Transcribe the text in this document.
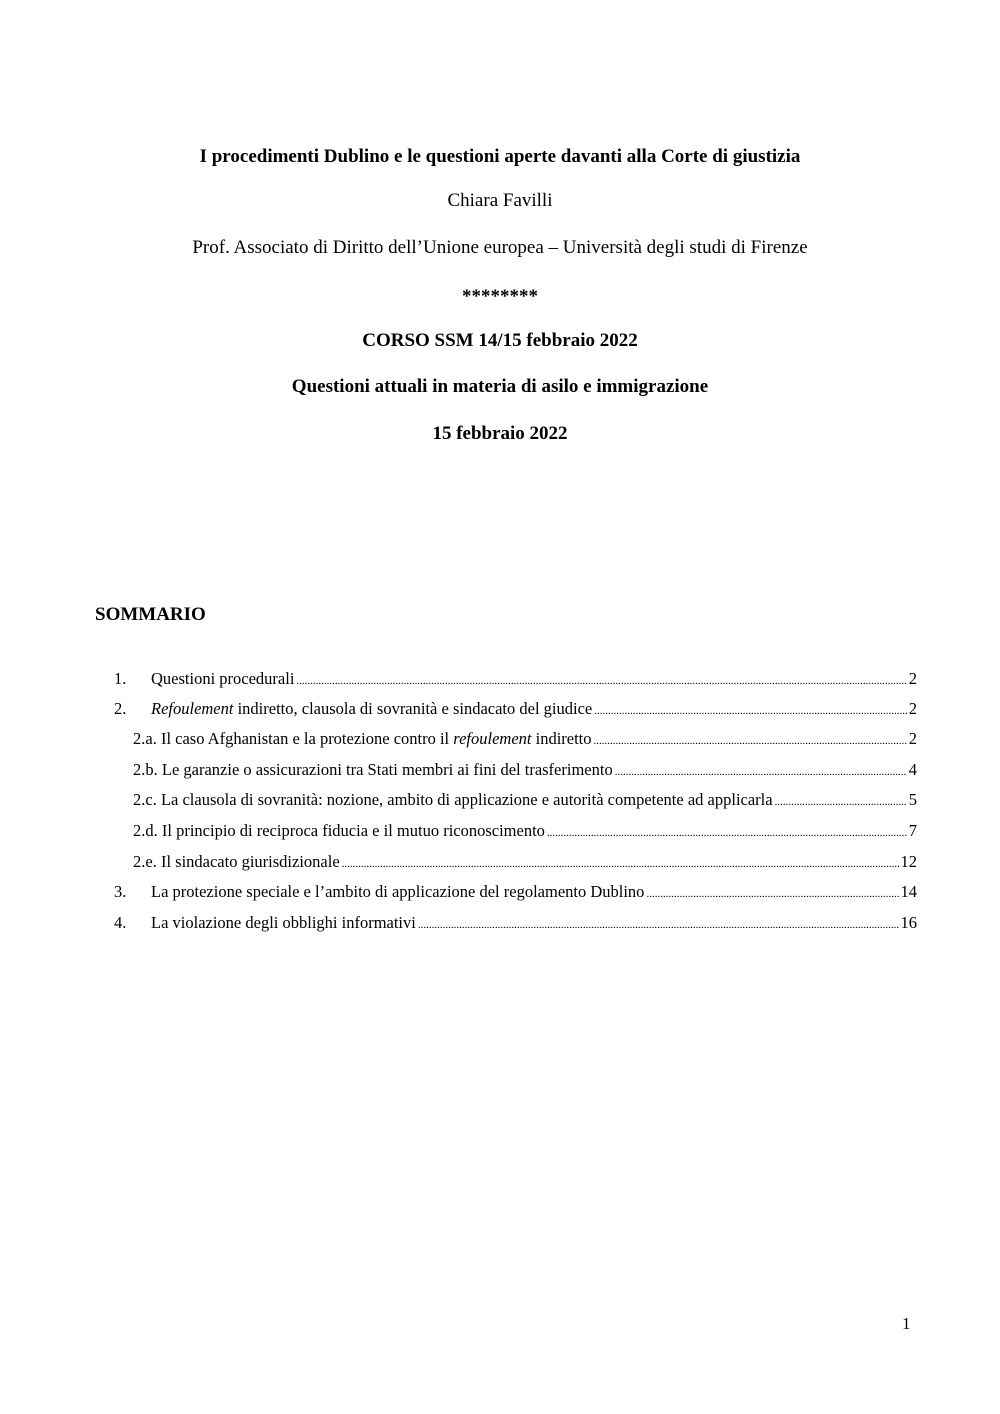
I procedimenti Dublino e le questioni aperte davanti alla Corte di giustizia
Chiara Favilli
Prof. Associato di Diritto dell’Unione europea – Università degli studi di Firenze
********
CORSO SSM 14/15 febbraio 2022
Questioni attuali in materia di asilo e immigrazione
15 febbraio 2022
SOMMARIO
1.	Questioni procedurali .....	2
2.	Refoulement indiretto, clausola di sovranità e sindacato del giudice .....	2
2.a. Il caso Afghanistan e la protezione contro il refoulement indiretto .....	2
2.b. Le garanzie o assicurazioni tra Stati membri ai fini del trasferimento .....	4
2.c. La clausola di sovranità: nozione, ambito di applicazione e autorità competente ad applicarla .....	5
2.d. Il principio di reciproca fiducia e il mutuo riconoscimento .....	7
2.e. Il sindacato giurisdizionale .....	12
3.	La protezione speciale e l’ambito di applicazione del regolamento Dublino .....	14
4.	La violazione degli obblighi informativi .....	16
1
